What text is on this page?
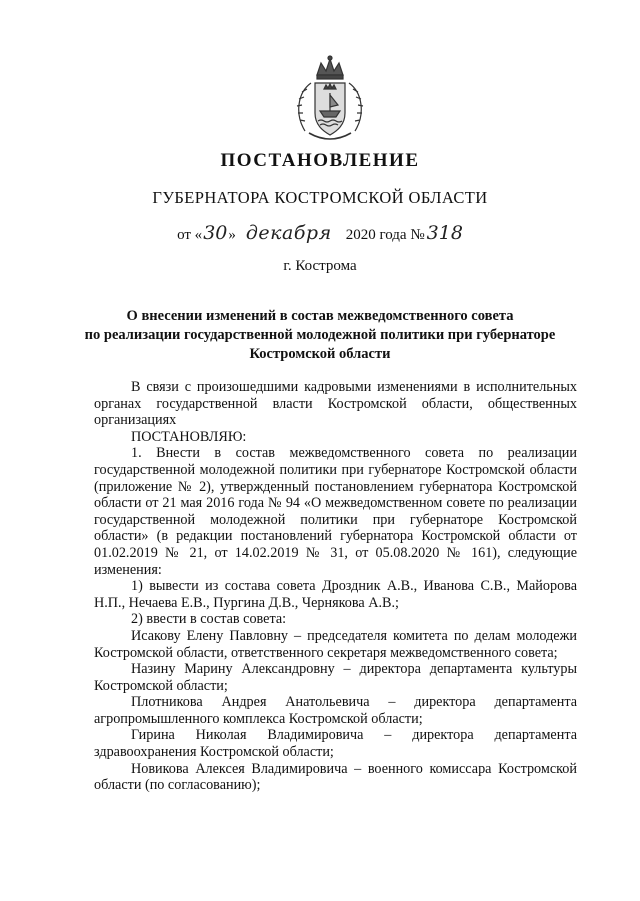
ПОСТАНОВЛЕНИЕ
ГУБЕРНАТОРА КОСТРОМСКОЙ ОБЛАСТИ
от «30» декабря 2020 года № 318
г. Кострома
О внесении изменений в состав межведомственного совета
по реализации государственной молодежной политики при губернаторе
Костромской области

В связи с произошедшими кадровыми изменениями в исполнительных органах государственной власти Костромской области, общественных организациях

ПОСТАНОВЛЯЮ:

1. Внести в состав межведомственного совета по реализации государственной молодежной политики при губернаторе Костромской области (приложение № 2), утвержденный постановлением губернатора Костромской области от 21 мая 2016 года № 94 «О межведомственном совете по реализации государственной молодежной политики при губернаторе Костромской области» (в редакции постановлений губернатора Костромской области от 01.02.2019 № 21, от 14.02.2019 № 31, от 05.08.2020 № 161), следующие изменения:

1) вывести из состава совета Дроздник А.В., Иванова С.В., Майорова Н.П., Нечаева Е.В., Пургина Д.В., Чернякова А.В.;

2) ввести в состав совета:

Исакову Елену Павловну – председателя комитета по делам молодежи Костромской области, ответственного секретаря межведомственного совета;

Назину Марину Александровну – директора департамента культуры Костромской области;

Плотникова Андрея Анатольевича – директора департамента агропромышленного комплекса Костромской области;

Гирина Николая Владимировича – директора департамента здравоохранения Костромской области;

Новикова Алексея Владимировича – военного комиссара Костромской области (по согласованию);
